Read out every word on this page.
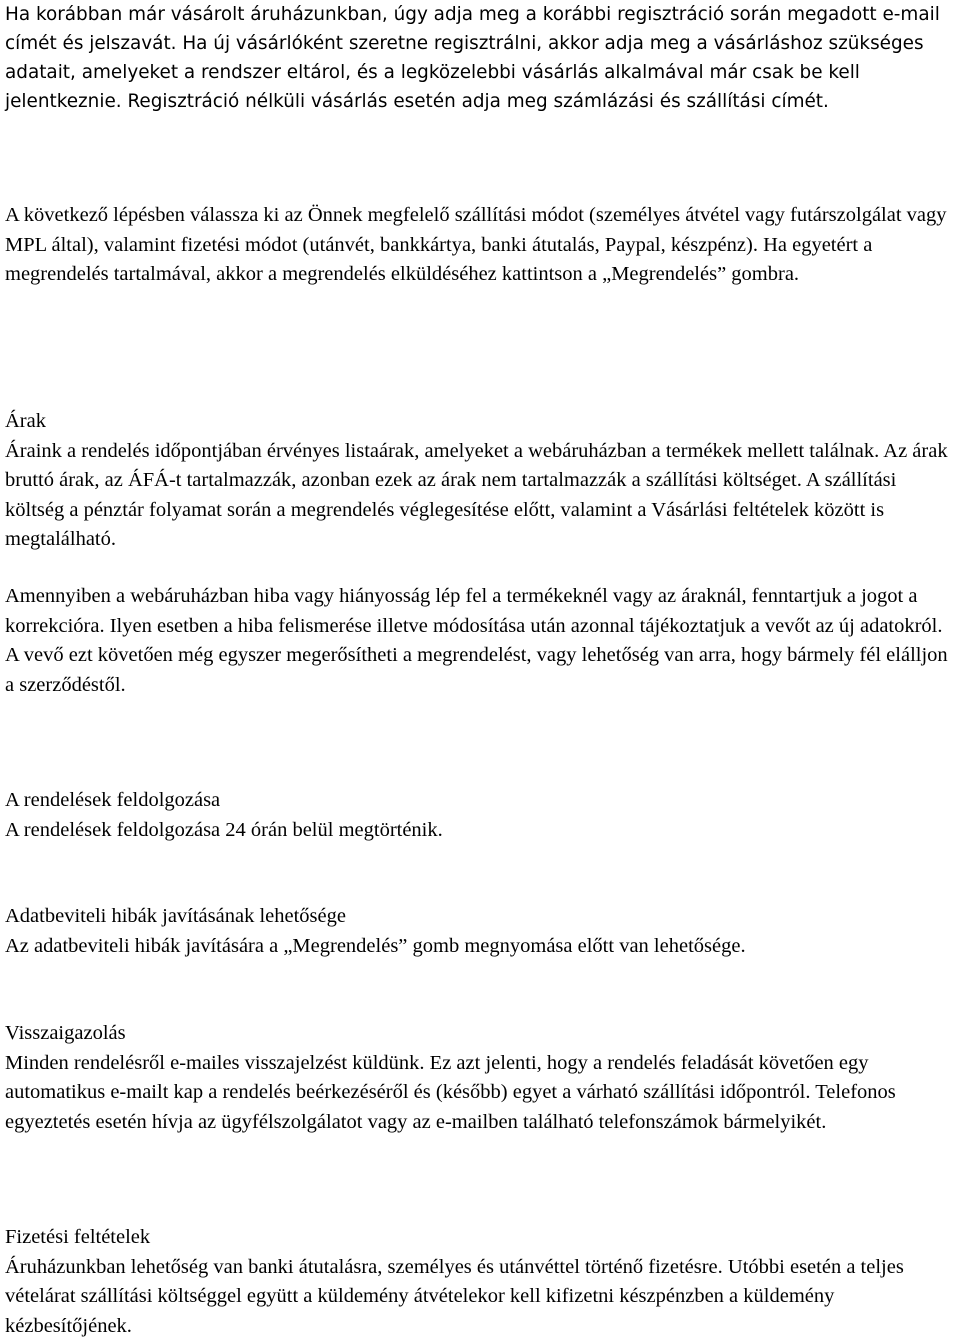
Ha korábban már vásárolt áruházunkban, úgy adja meg a korábbi regisztráció során megadott e-mail címét és jelszavát. Ha új vásárlóként szeretne regisztrálni, akkor adja meg a vásárláshoz szükséges adatait, amelyeket a rendszer eltárol, és a legközelebbi vásárlás alkalmával már csak be kell jelentkeznie. Regisztráció nélküli vásárlás esetén adja meg számlázási és szállítási címét.

A következő lépésben válassza ki az Önnek megfelelő szállítási módot (személyes átvétel vagy futárszolgálat vagy MPL által), valamint fizetési módot (utánvét, bankkártya, banki átutalás, Paypal, készpénz). Ha egyetért a megrendelés tartalmával, akkor a megrendelés elküldéséhez kattintson a „Megrendelés” gombra.

Árak

Áraink a rendelés időpontjában érvényes listaárak, amelyeket a webáruházban a termékek mellett találnak. Az árak bruttó árak, az ÁFÁ-t tartalmazzák, azonban ezek az árak nem tartalmazzák a szállítási költséget. A szállítási költség a pénztár folyamat során a megrendelés véglegesítése előtt, valamint a Vásárlási feltételek között is megtalálható.

Amennyiben a webáruházban hiba vagy hiányosság lép fel a termékeknél vagy az áraknál, fenntartjuk a jogot a korrekcióra. Ilyen esetben a hiba felismerése illetve módosítása után azonnal tájékoztatjuk a vevőt az új adatokról. A vevő ezt követően még egyszer megerősítheti a megrendelést, vagy lehetőség van arra, hogy bármely fél elálljon a szerződéstől.

A rendelések feldolgozása

A rendelések feldolgozása 24 órán belül megtörténik.

Adatbeviteli hibák javításának lehetősége

Az adatbeviteli hibák javítására a „Megrendelés” gomb megnyomása előtt van lehetősége.

Visszaigazolás

Minden rendelésről e-mailes visszajelzést küldünk. Ez azt jelenti, hogy a rendelés feladását követően egy automatikus e-mailt kap a rendelés beérkezéséről és (később) egyet a várható szállítási időpontról. Telefonos egyeztetés esetén hívja az ügyfélszolgálatot vagy az e-mailben található telefonszámok bármelyikét.

Fizetési feltételek

Áruházunkban lehetőség van banki átutalásra, személyes és utánvéttel történő fizetésre. Utóbbi esetén a teljes vételárat szállítási költséggel együtt a küldemény átvételekor kell kifizetni készpénzben a küldemény kézbesítőjének.
